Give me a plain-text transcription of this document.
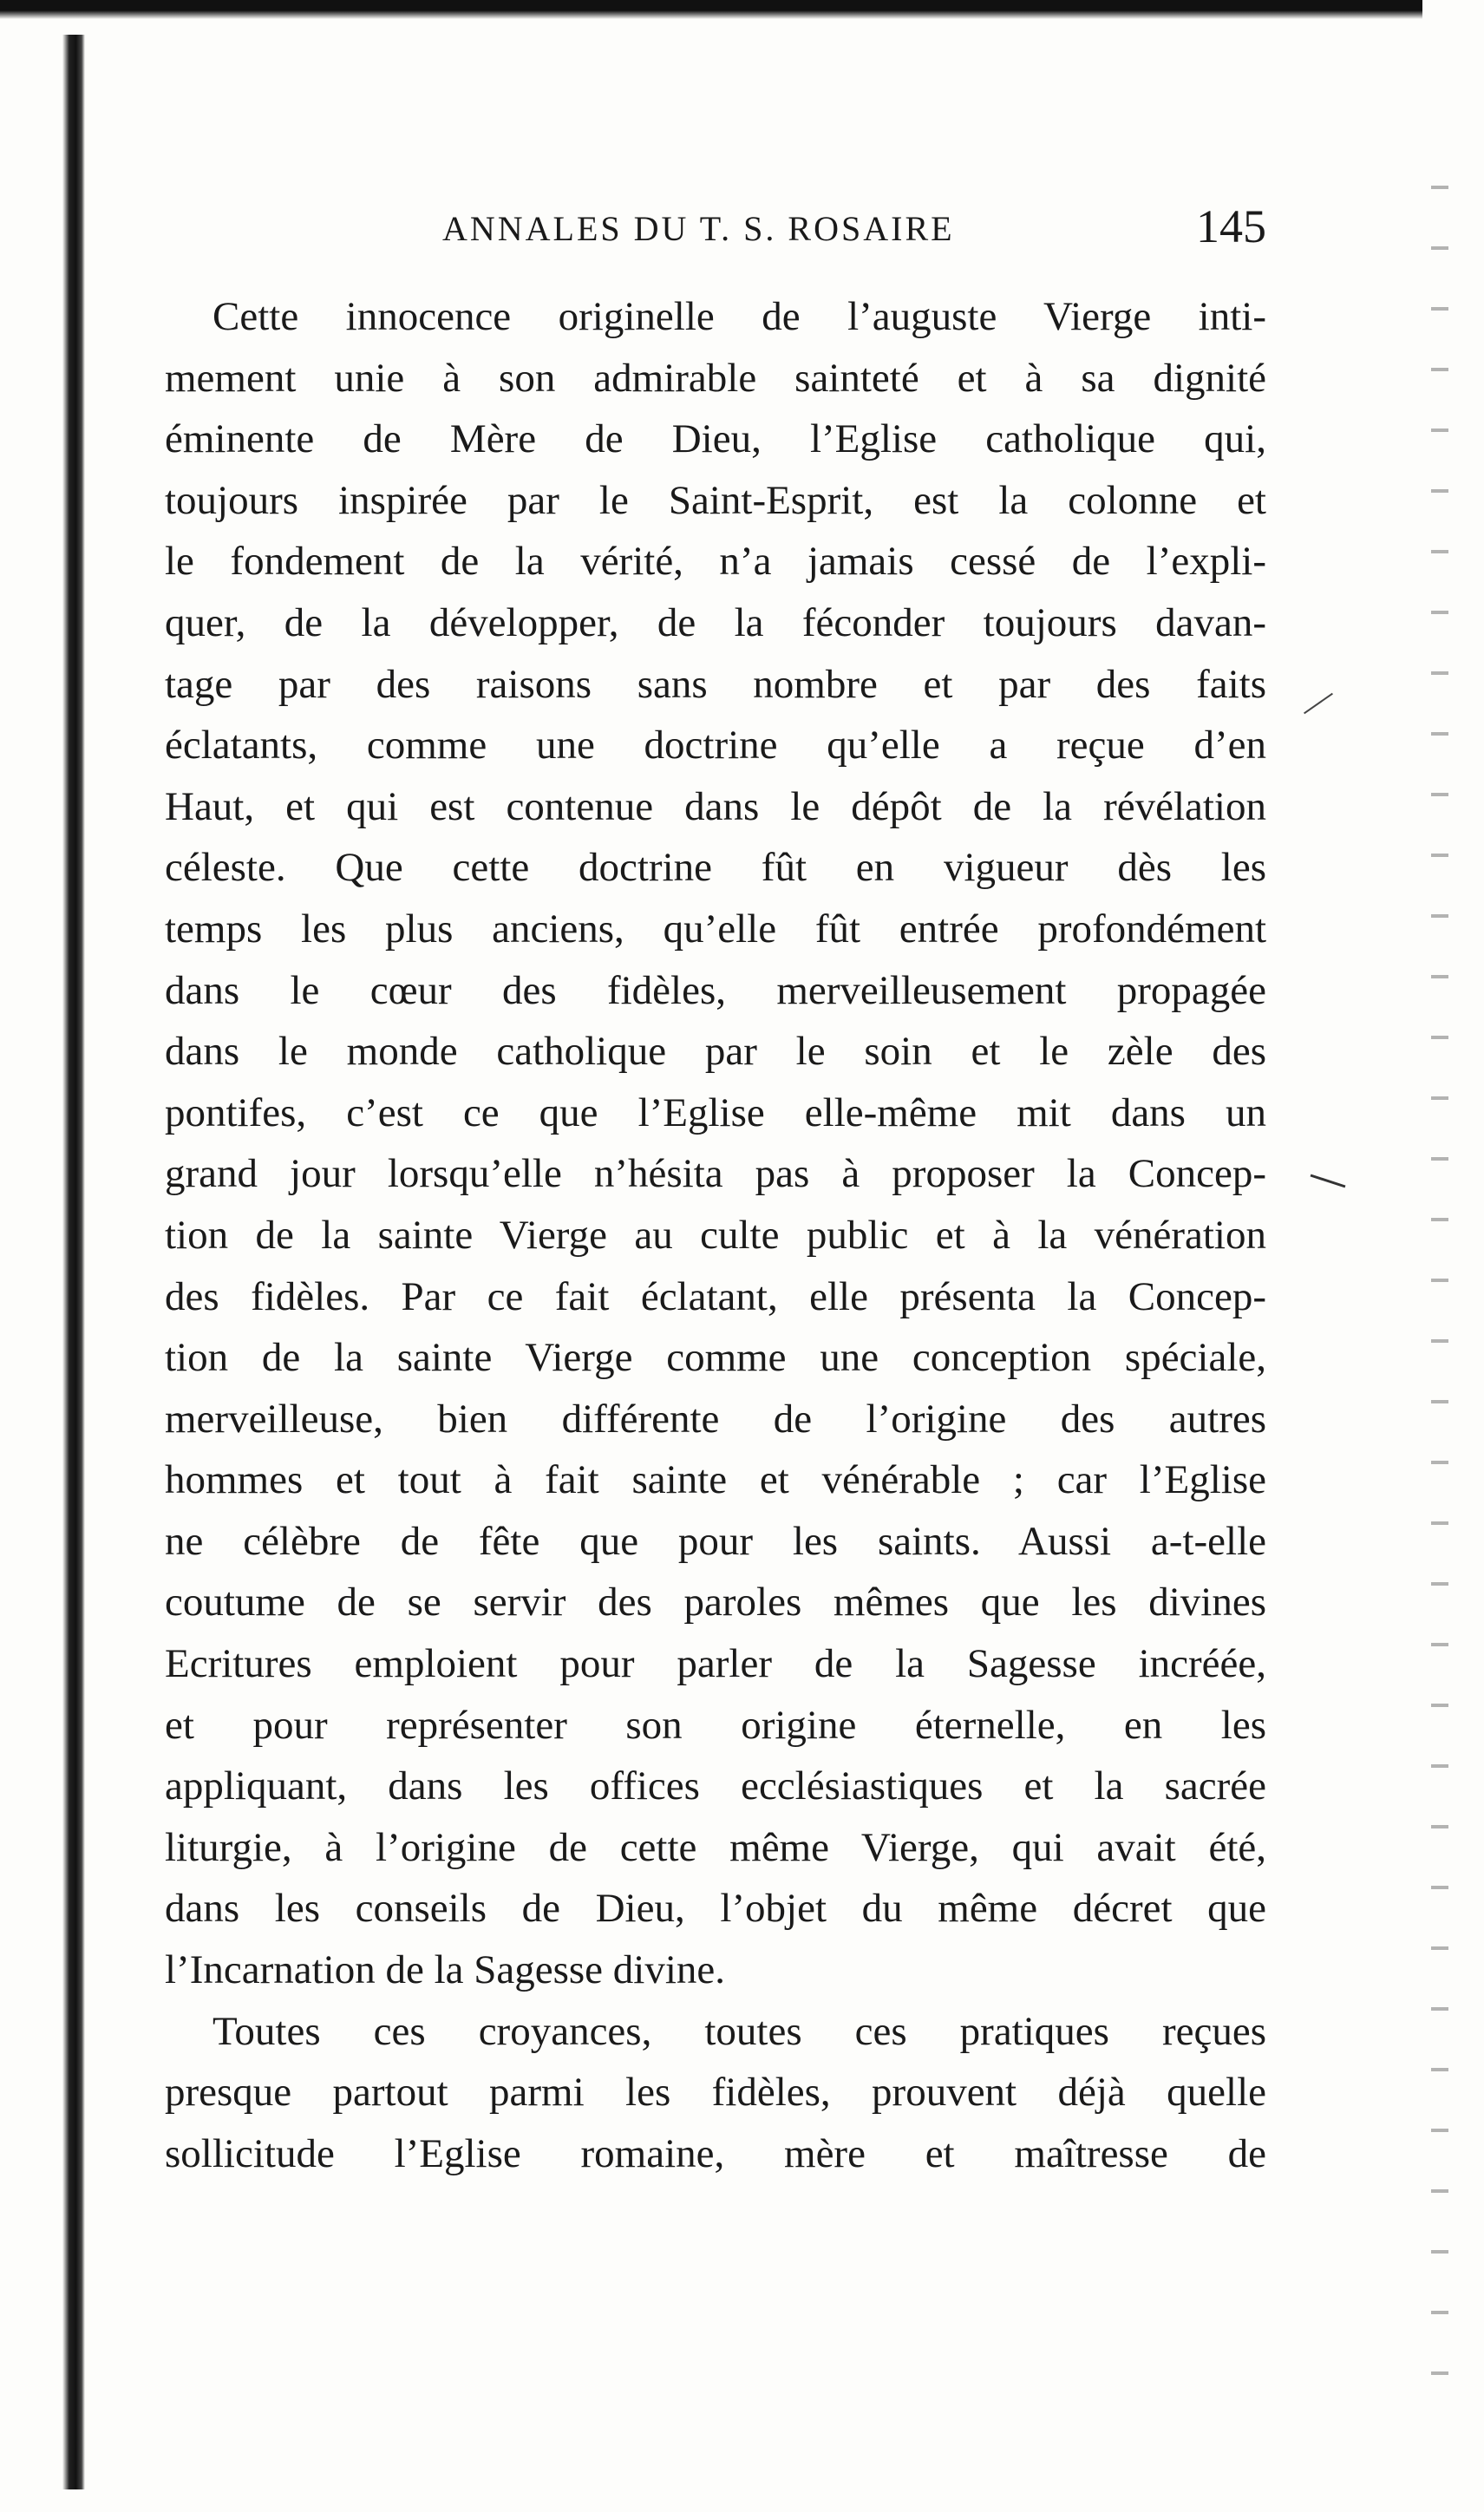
ANNALES DU T. S. ROSAIRE	145
Cette innocence originelle de l’auguste Vierge inti-
mement unie à son admirable sainteté et à sa dignité
éminente de Mère de Dieu, l’Eglise catholique qui,
toujours inspirée par le Saint-Esprit, est la colonne et
le fondement de la vérité, n’a jamais cessé de l’expli-
quer, de la développer, de la féconder toujours davan-
tage par des raisons sans nombre et par des faits
éclatants, comme une doctrine qu’elle a reçue d’en
Haut, et qui est contenue dans le dépôt de la révélation
céleste. Que cette doctrine fût en vigueur dès les
temps les plus anciens, qu’elle fût entrée profondément
dans le cœur des fidèles, merveilleusement propagée
dans le monde catholique par le soin et le zèle des
pontifes, c’est ce que l’Eglise elle-même mit dans un
grand jour lorsqu’elle n’hésita pas à proposer la Concep-
tion de la sainte Vierge au culte public et à la vénération
des fidèles. Par ce fait éclatant, elle présenta la Concep-
tion de la sainte Vierge comme une conception spéciale,
merveilleuse, bien différente de l’origine des autres
hommes et tout à fait sainte et vénérable ; car l’Eglise
ne célèbre de fête que pour les saints. Aussi a-t-elle
coutume de se servir des paroles mêmes que les divines
Ecritures emploient pour parler de la Sagesse incréée,
et pour représenter son origine éternelle, en les
appliquant, dans les offices ecclésiastiques et la sacrée
liturgie, à l’origine de cette même Vierge, qui avait été,
dans les conseils de Dieu, l’objet du même décret que
l’Incarnation de la Sagesse divine.
Toutes ces croyances, toutes ces pratiques reçues
presque partout parmi les fidèles, prouvent déjà quelle
sollicitude l’Eglise romaine, mère et maîtresse de
